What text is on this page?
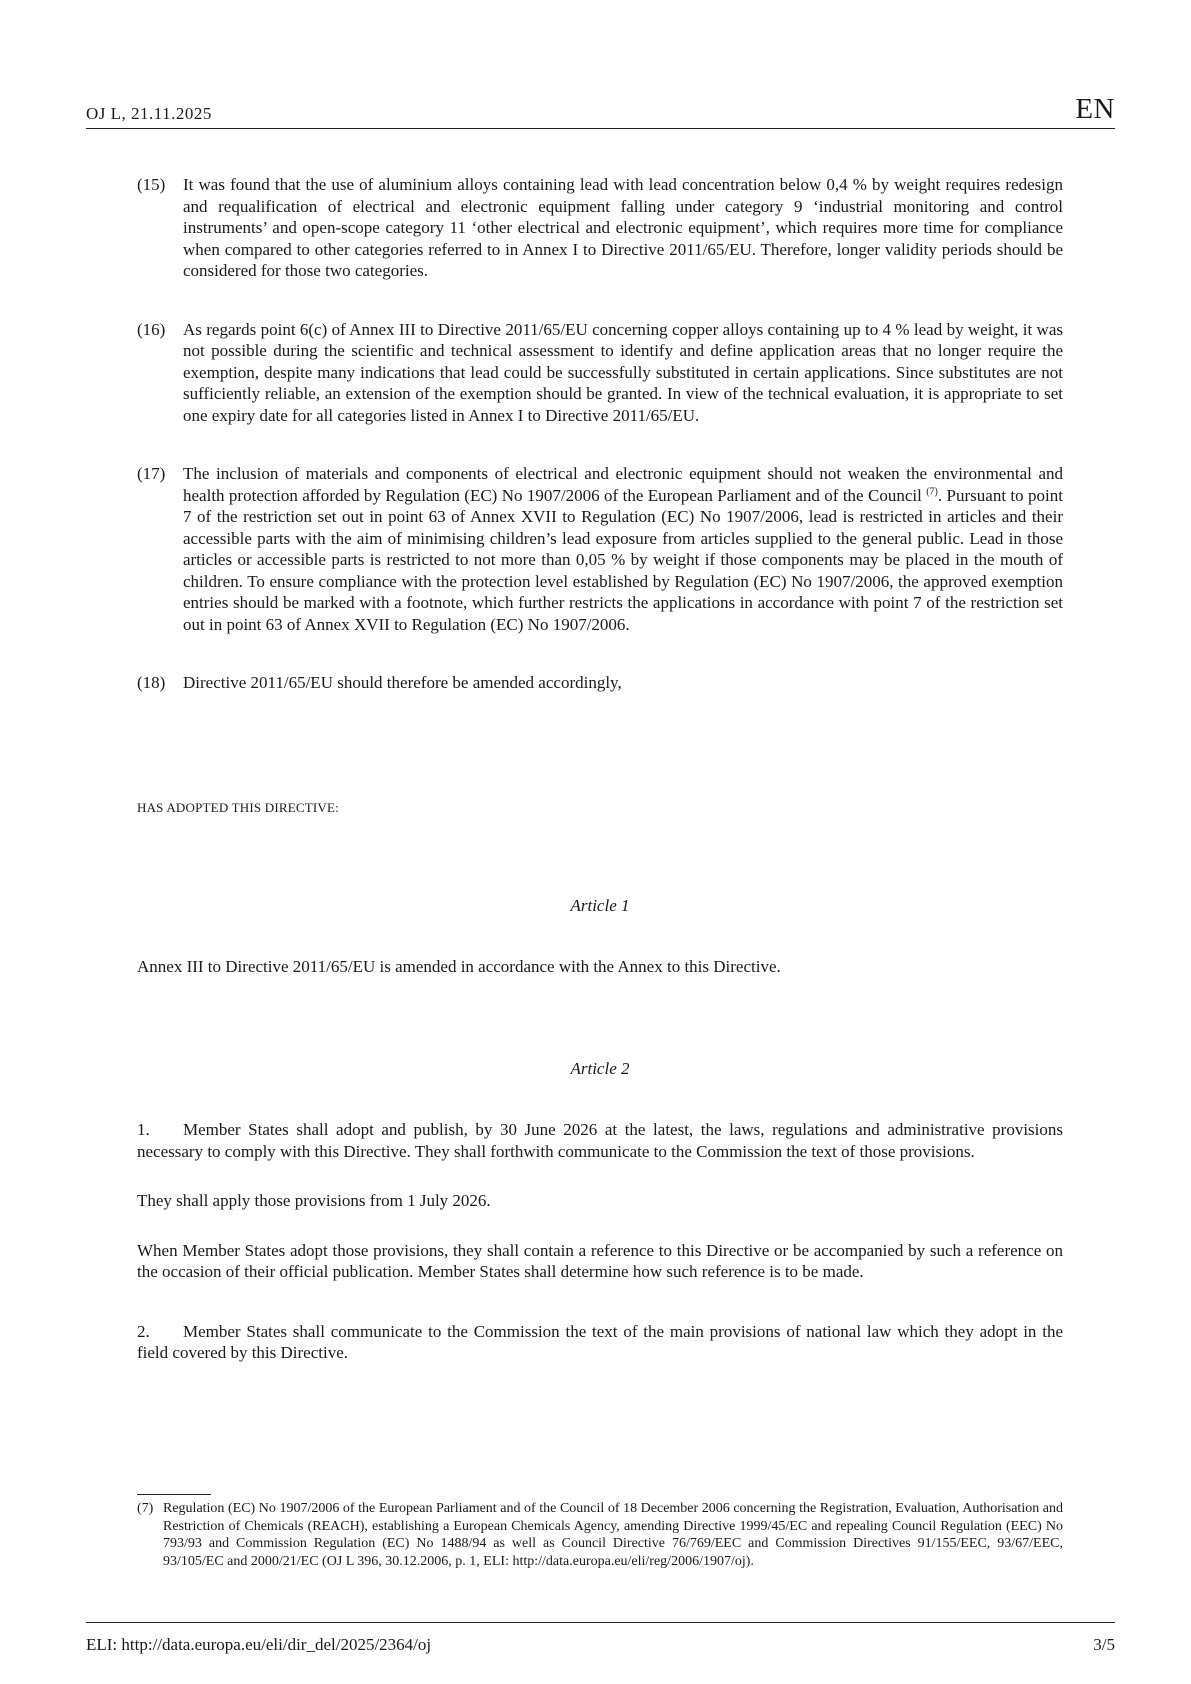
OJ L, 21.11.2025	EN
(15)	It was found that the use of aluminium alloys containing lead with lead concentration below 0,4 % by weight requires redesign and requalification of electrical and electronic equipment falling under category 9 ‘industrial monitoring and control instruments’ and open-scope category 11 ‘other electrical and electronic equipment’, which requires more time for compliance when compared to other categories referred to in Annex I to Directive 2011/65/EU. Therefore, longer validity periods should be considered for those two categories.
(16)	As regards point 6(c) of Annex III to Directive 2011/65/EU concerning copper alloys containing up to 4 % lead by weight, it was not possible during the scientific and technical assessment to identify and define application areas that no longer require the exemption, despite many indications that lead could be successfully substituted in certain applications. Since substitutes are not sufficiently reliable, an extension of the exemption should be granted. In view of the technical evaluation, it is appropriate to set one expiry date for all categories listed in Annex I to Directive 2011/65/EU.
(17)	The inclusion of materials and components of electrical and electronic equipment should not weaken the environmental and health protection afforded by Regulation (EC) No 1907/2006 of the European Parliament and of the Council $^{(7)}$. Pursuant to point 7 of the restriction set out in point 63 of Annex XVII to Regulation (EC) No 1907/2006, lead is restricted in articles and their accessible parts with the aim of minimising children’s lead exposure from articles supplied to the general public. Lead in those articles or accessible parts is restricted to not more than 0,05 % by weight if those components may be placed in the mouth of children. To ensure compliance with the protection level established by Regulation (EC) No 1907/2006, the approved exemption entries should be marked with a footnote, which further restricts the applications in accordance with point 7 of the restriction set out in point 63 of Annex XVII to Regulation (EC) No 1907/2006.
(18)	Directive 2011/65/EU should therefore be amended accordingly,
HAS ADOPTED THIS DIRECTIVE:
Article 1
Annex III to Directive 2011/65/EU is amended in accordance with the Annex to this Directive.
Article 2
1. Member States shall adopt and publish, by 30 June 2026 at the latest, the laws, regulations and administrative provisions necessary to comply with this Directive. They shall forthwith communicate to the Commission the text of those provisions.
They shall apply those provisions from 1 July 2026.
When Member States adopt those provisions, they shall contain a reference to this Directive or be accompanied by such a reference on the occasion of their official publication. Member States shall determine how such reference is to be made.
2. Member States shall communicate to the Commission the text of the main provisions of national law which they adopt in the field covered by this Directive.
(7) Regulation (EC) No 1907/2006 of the European Parliament and of the Council of 18 December 2006 concerning the Registration, Evaluation, Authorisation and Restriction of Chemicals (REACH), establishing a European Chemicals Agency, amending Directive 1999/45/EC and repealing Council Regulation (EEC) No 793/93 and Commission Regulation (EC) No 1488/94 as well as Council Directive 76/769/EEC and Commission Directives 91/155/EEC, 93/67/EEC, 93/105/EC and 2000/21/EC (OJ L 396, 30.12.2006, p. 1, ELI: http://data.europa.eu/eli/reg/2006/1907/oj).
ELI: http://data.europa.eu/eli/dir_del/2025/2364/oj	3/5
